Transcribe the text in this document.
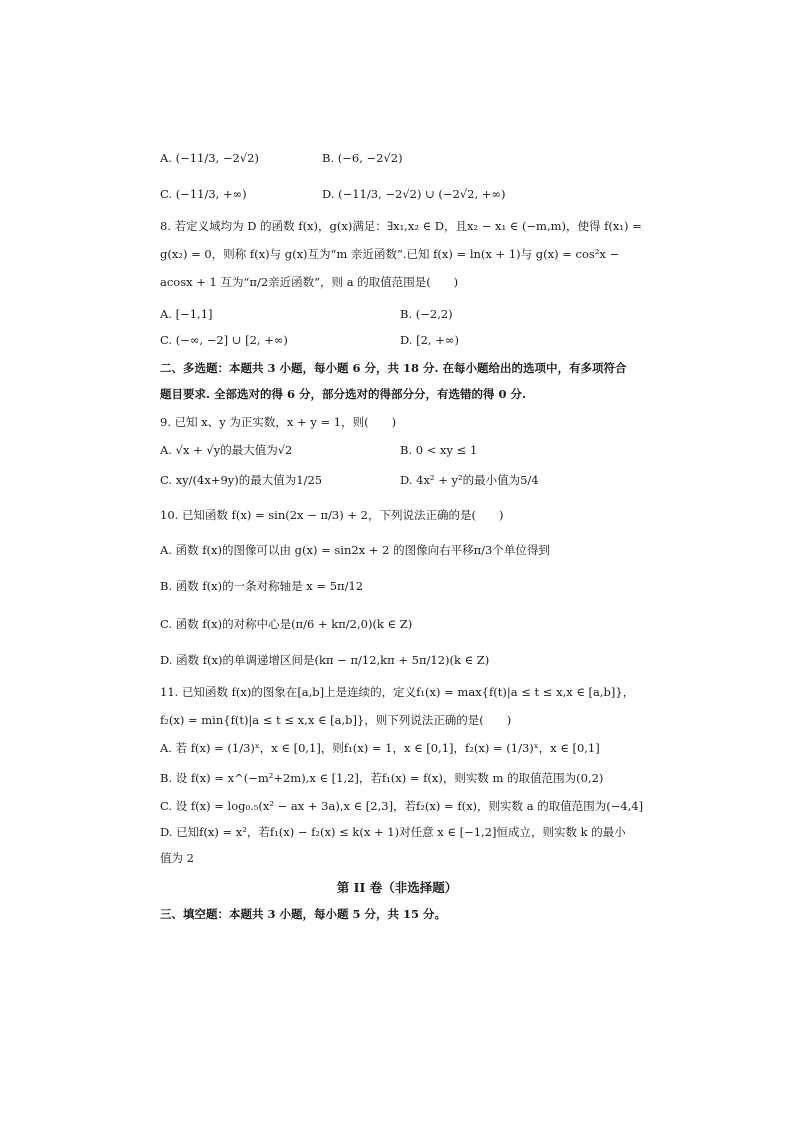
A. (−11/3, −2√2)	B. (−6, −2√2)
C. (−11/3, +∞)	D. (−11/3, −2√2) ∪ (−2√2, +∞)
8. 若定义域均为 D 的函数 f(x)，g(x)满足：∃x₁,x₂ ∈ D，且x₂ − x₁ ∈ (−m,m)，使得 f(x₁) =
g(x₂) = 0，则称 f(x)与 g(x)互为“m 亲近函数”.已知 f(x) = ln(x + 1)与 g(x) = cos²x −
acosx + 1 互为“π/2亲近函数”，则 a 的取值范围是(　　)
A. [−1,1]	B. (−2,2)
C. (−∞, −2] ∪ [2, +∞)	D. [2, +∞)
二、多选题：本题共 3 小题，每小题 6 分，共 18 分. 在每小题给出的选项中，有多项符合
题目要求. 全部选对的得 6 分，部分选对的得部分分，有选错的得 0 分.
9. 已知 x、y 为正实数，x + y = 1，则(　　)
A. √x + √y的最大值为√2	B. 0 < xy ≤ 1
C. xy/(4x+9y)的最大值为1/25	D. 4x² + y²的最小值为5/4
10. 已知函数 f(x) = sin(2x − π/3) + 2，下列说法正确的是(　　)
A. 函数 f(x)的图像可以由 g(x) = sin2x + 2 的图像向右平移π/3个单位得到
B. 函数 f(x)的一条对称轴是 x = 5π/12
C. 函数 f(x)的对称中心是(π/6 + kπ/2,0)(k ∈ Z)
D. 函数 f(x)的单调递增区间是(kπ − π/12,kπ + 5π/12)(k ∈ Z)
11. 已知函数 f(x)的图象在[a,b]上是连续的，定义f₁(x) = max{f(t)|a ≤ t ≤ x,x ∈ [a,b]}，
f₂(x) = min{f(t)|a ≤ t ≤ x,x ∈ [a,b]}，则下列说法正确的是(　　)
A. 若 f(x) = (1/3)ˣ，x ∈ [0,1]，则f₁(x) = 1，x ∈ [0,1]，f₂(x) = (1/3)ˣ，x ∈ [0,1]
B. 设 f(x) = x^(−m²+2m),x ∈ [1,2]，若f₁(x) = f(x)，则实数 m 的取值范围为(0,2)
C. 设 f(x) = log₀.₅(x² − ax + 3a),x ∈ [2,3]，若f₂(x) = f(x)，则实数 a 的取值范围为(−4,4]
D. 已知f(x) = x²，若f₁(x) − f₂(x) ≤ k(x + 1)对任意 x ∈ [−1,2]恒成立，则实数 k 的最小
值为 2
第 II 卷（非选择题）
三、填空题：本题共 3 小题，每小题 5 分，共 15 分。
